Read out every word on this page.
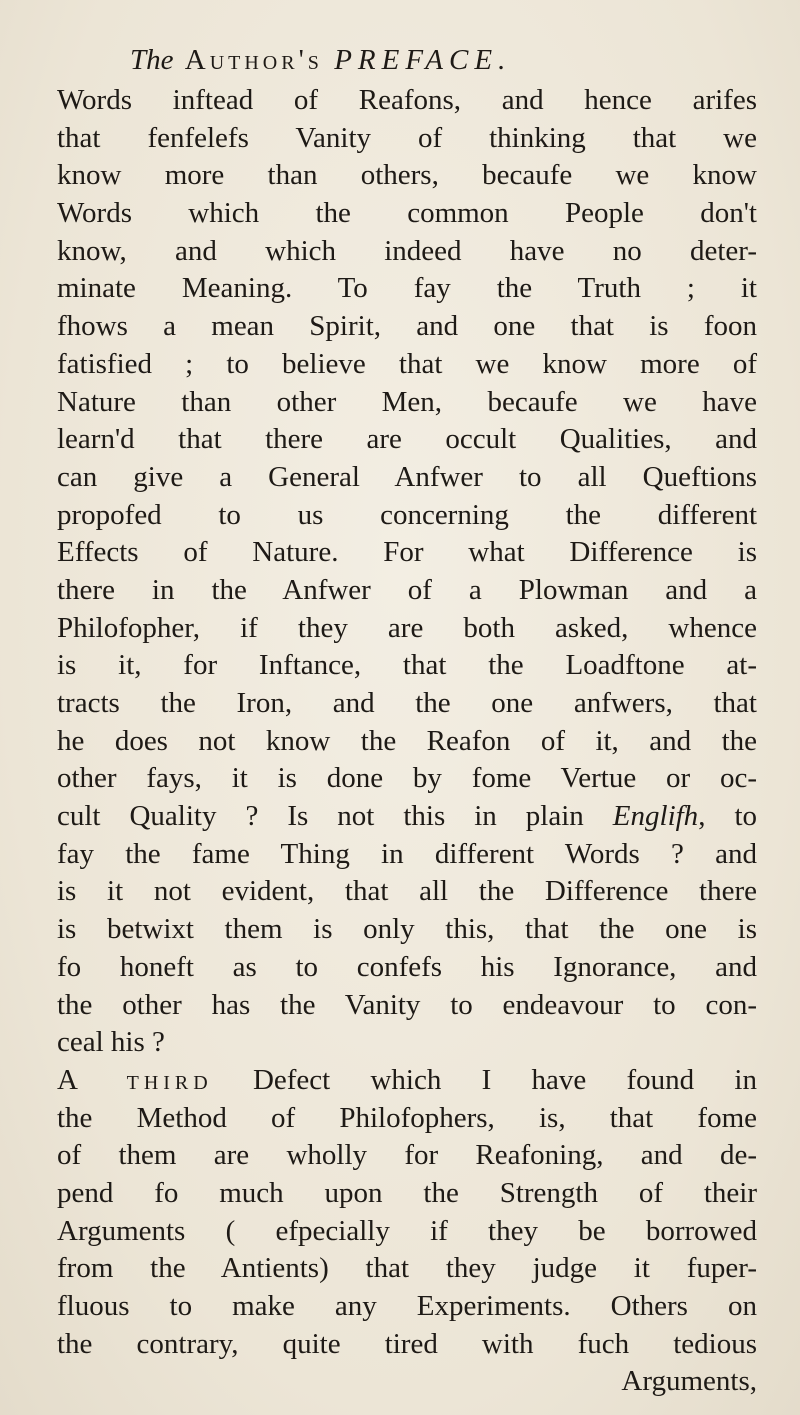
The Author's PREFACE.
Words inftead of Reafons, and hence arifes
that fenfelefs Vanity of thinking that we
know more than others, becaufe we know
Words which the common People don't
know, and which indeed have no deter-
minate Meaning. To fay the Truth ; it
fhows a mean Spirit, and one that is foon
fatisfied ; to believe that we know more of
Nature than other Men, becaufe we have
learn'd that there are occult Qualities, and
can give a General Anfwer to all Queftions
propofed to us concerning the different
Effects of Nature. For what Difference is
there in the Anfwer of a Plowman and a
Philofopher, if they are both asked, whence
is it, for Inftance, that the Loadftone at-
tracts the Iron, and the one anfwers, that
he does not know the Reafon of it, and the
other fays, it is done by fome Vertue or oc-
cult Quality ? Is not this in plain Englifh, to
fay the fame Thing in different Words ? and
is it not evident, that all the Difference there
is betwixt them is only this, that the one is
fo honeft as to confefs his Ignorance, and
the other has the Vanity to endeavour to con-
ceal his ?
A third Defect which I have found in
the Method of Philofophers, is, that fome
of them are wholly for Reafoning, and de-
pend fo much upon the Strength of their
Arguments ( efpecially if they be borrowed
from the Antients) that they judge it fuper-
fluous to make any Experiments. Others on
the contrary, quite tired with fuch tedious
Arguments,
